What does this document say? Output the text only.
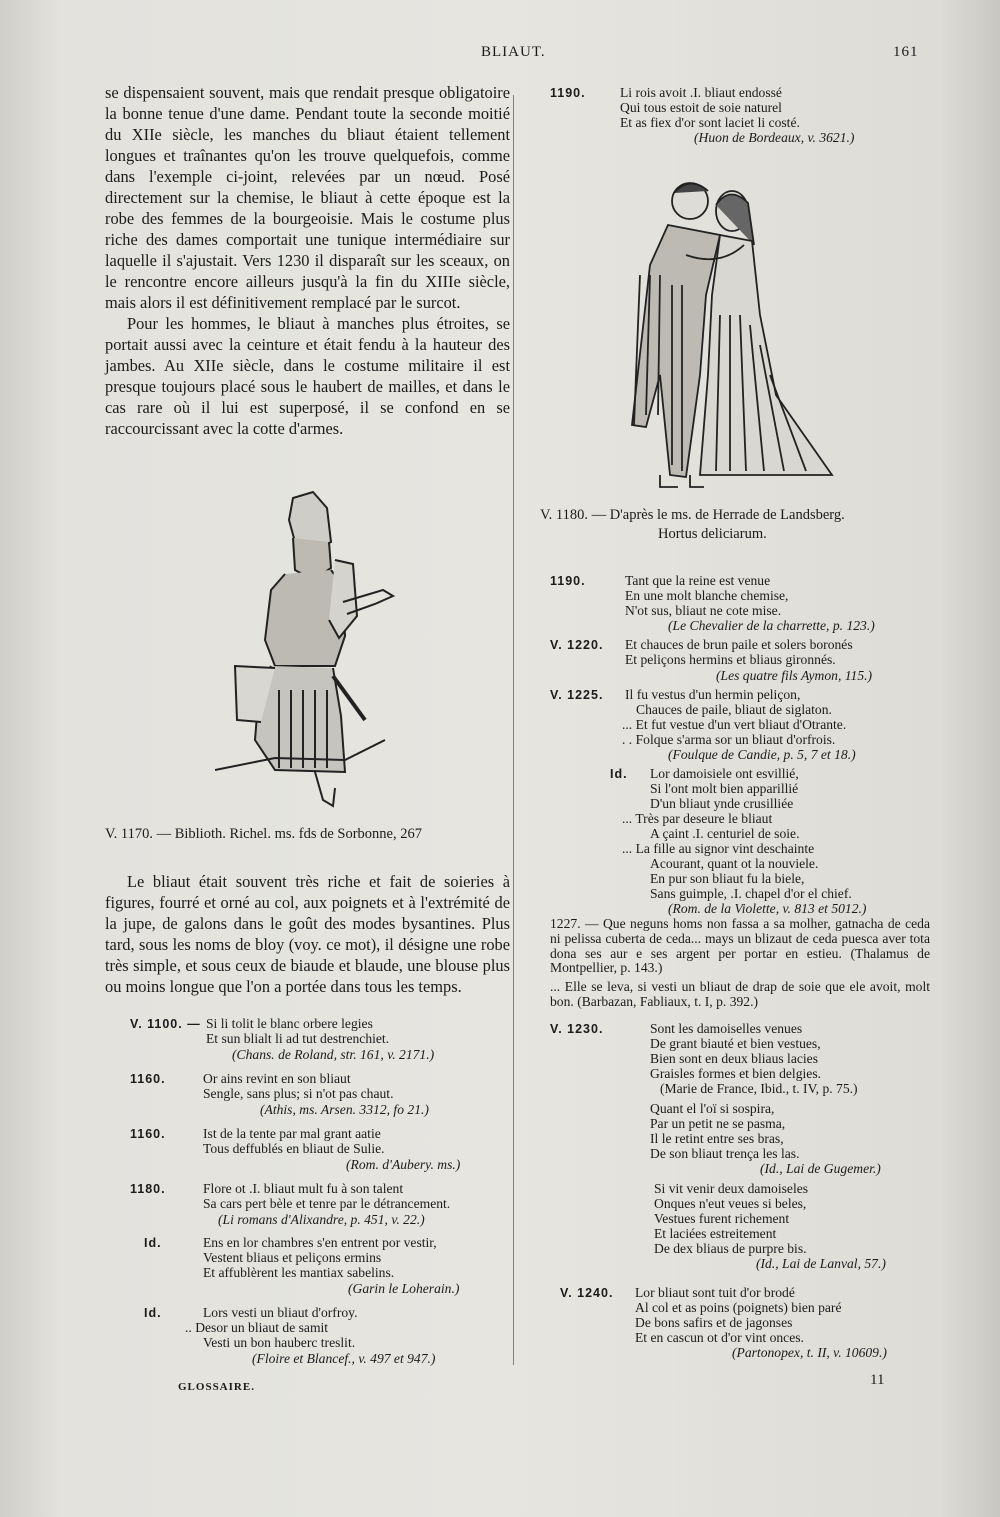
BLIAUT.	161

se dispensaient souvent, mais que rendait presque obligatoire la bonne tenue d'une dame. Pendant toute la seconde moitié du XIIe siècle, les manches du bliaut étaient tellement longues et traînantes qu'on les trouve quelquefois, comme dans l'exemple ci-joint, relevées par un nœud. Posé directement sur la chemise, le bliaut à cette époque est la robe des femmes de la bourgeoisie. Mais le costume plus riche des dames comportait une tunique intermédiaire sur laquelle il s'ajustait. Vers 1230 il disparaît sur les sceaux, on le rencontre encore ailleurs jusqu'à la fin du XIIIe siècle, mais alors il est définitivement remplacé par le surcot.

Pour les hommes, le bliaut à manches plus étroites, se portait aussi avec la ceinture et était fendu à la hauteur des jambes. Au XIIe siècle, dans le costume militaire il est presque toujours placé sous le haubert de mailles, et dans le cas rare où il lui est superposé, il se confond en se raccourcissant avec la cotte d'armes.

V. 1170. — Biblioth. Richel. ms. fds de Sorbonne, 267

Le bliaut était souvent très riche et fait de soieries à figures, fourré et orné au col, aux poignets et à l'extrémité de la jupe, de galons dans le goût des modes bysantines. Plus tard, sous les noms de bloy (voy. ce mot), il désigne une robe très simple, et sous ceux de biaude et blaude, une blouse plus ou moins longue que l'on a portée dans tous les temps.

V. 1100. — Si li tolit le blanc orbere legies
Et sun blialt li ad tut destrenchiet.
(Chans. de Roland, str. 161, v. 2171.)
1160.	Or ains revint en son bliaut
Sengle, sans plus; si n'ot pas chaut.
(Athis, ms. Arsen. 3312, fo 21.)
1160.	Ist de la tente par mal grant aatie
Tous deffublés en bliaut de Sulie.
(Rom. d'Aubery. ms.)
1180.	Flore ot .I. bliaut mult fu à son talent
Sa cars pert bèle et tenre par le détrancement.
(Li romans d'Alixandre, p. 451, v. 22.)
Id.	Ens en lor chambres s'en entrent por vestir,
Vestent bliaus et peliçons ermins
Et affublèrent les mantiax sabelins.
(Garin le Loherain.)
Id.	Lors vesti un bliaut d'orfroy.
.. Desor un bliaut de samit
Vesti un bon hauberc treslit.
(Floire et Blancef., v. 497 et 947.)
GLOSSAIRE.
1190.	Li rois avoit .I. bliaut endossé
Qui tous estoit de soie naturel
Et as fiex d'or sont laciet li costé.
(Huon de Bordeaux, v. 3621.)
V. 1180. — D'après le ms. de Herrade de Landsberg.
Hortus deliciarum.
1190.	Tant que la reine est venue
En une molt blanche chemise,
N'ot sus, bliaut ne cote mise.
(Le Chevalier de la charrette, p. 123.)
V. 1220. Et chauces de brun paile et solers boronés
Et peliçons hermins et bliaus gironnés.
(Les quatre fils Aymon, 115.)
V. 1225. Il fu vestus d'un hermin peliçon,
Chauces de paile, bliaut de siglaton.
... Et fut vestue d'un vert bliaut d'Otrante.
. . Folque s'arma sor un bliaut d'orfrois.
(Foulque de Candie, p. 5, 7 et 18.)
Id. Lor damoisiele ont esvillié,
Si l'ont molt bien apparillié
D'un bliaut ynde crusilliée
... Très par deseure le bliaut
A çaint .I. centuriel de soie.
... La fille au signor vint deschainte
Acourant, quant ot la nouviele.
En pur son bliaut fu la biele,
Sans guimple, .I. chapel d'or el chief.
(Rom. de la Violette, v. 813 et 5012.)
1227. — Que neguns homs non fassa a sa molher, gatnacha de ceda ni pelissa cuberta de ceda... mays un blizaut de ceda puesca aver tota dona ses aur e ses argent per portar en estieu. (Thalamus de Montpellier, p. 143.)
... Elle se leva, si vesti un bliaut de drap de soie que ele avoit, molt bon. (Barbazan, Fabliaux, t. I, p. 392.)
V. 1230.	Sont les damoiselles venues
De grant biauté et bien vestues,
Bien sont en deux bliaus lacies
Graisles formes et bien delgies.
(Marie de France, Ibid., t. IV, p. 75.)
Quant el l'oï si sospira,
Par un petit ne se pasma,
Il le retint entre ses bras,
De son bliaut trença les las.
(Id., Lai de Gugemer.)
Si vit venir deux damoiseles
Onques n'eut veues si beles,
Vestues furent richement
Et laciées estreitement
De dex bliaus de purpre bis.
(Id., Lai de Lanval, 57.)
V. 1240. Lor bliaut sont tuit d'or brodé
Al col et as poins (poignets) bien paré
De bons safirs et de jagonses
Et en cascun ot d'or vint onces.
(Partonopex, t. II, v. 10609.)
11
